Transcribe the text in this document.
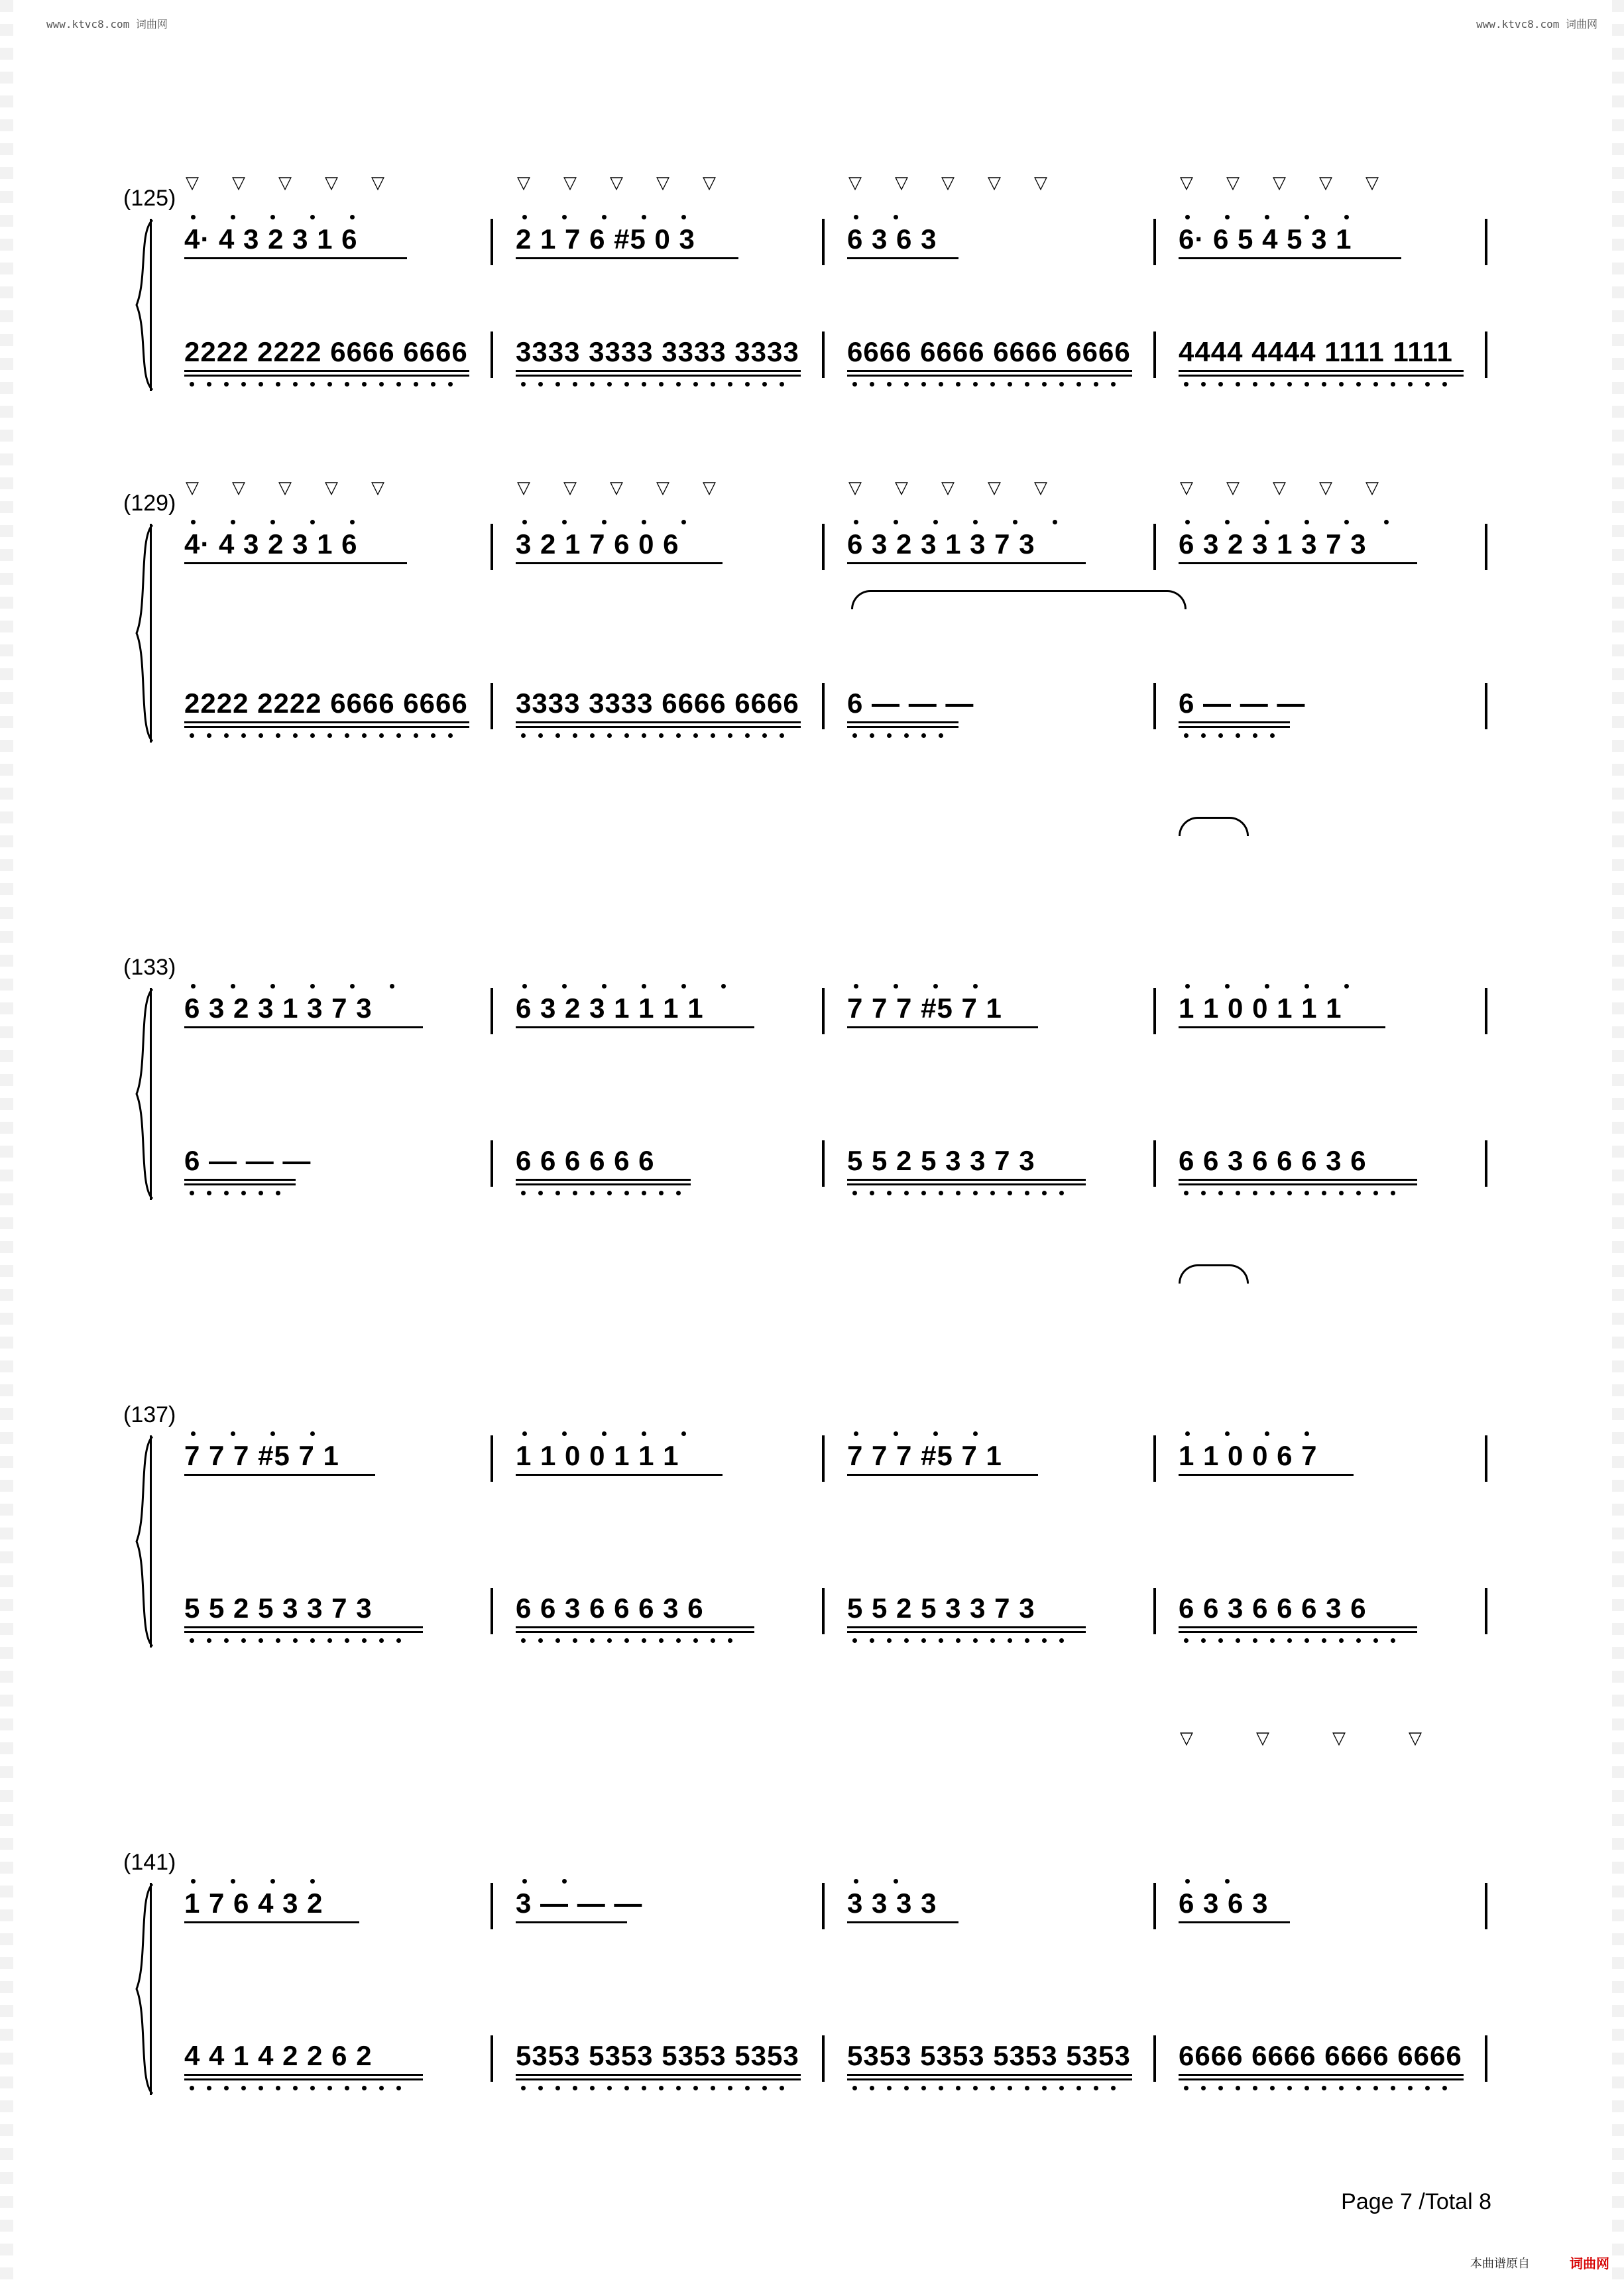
www.ktvc8.com 词曲网	www.ktvc8.com 词曲网
(125)
4· 4 3 2 3 1 6	2 1 7 6 #5 0 3	6 3 6 3	6· 6 5 4 5 3 1
2222 2222 6666 6666 3333 3333 3333 3333 6666 6666 6666 6666 4444 4444 1111 1111
▽ ▽ ▽ ▽ ▽	▽ ▽ ▽ ▽ ▽	▽ ▽ ▽ ▽ ▽	▽ ▽ ▽ ▽ ▽
(129)
4· 4 3 2 3 1 6	3 2 1 7 6 0 6	6 3 2 3 1 3 7 3	6 3 2 3 1 3 7 3
2222 2222 6666 6666 3333 3333 6666 6666 6 — — —	6 — — —
▽ ▽ ▽ ▽ ▽	▽ ▽ ▽ ▽ ▽	▽ ▽ ▽ ▽ ▽	▽ ▽ ▽ ▽ ▽
(133)
6 3 2 3 1 3 7 3	6 3 2 3 1 1 1 1	7 7 7 #5 7 1	1 1 0 0 1 1 1
6 — — —	6 6 6 6 6 6	5 5 2 5 3 3 7 3	6 6 3 6 6 6 3 6
(137)
7 7 7 #5 7 1	1 1 0 0 1 1 1	7 7 7 #5 7 1	1 1 0 0 6 7
5 5 2 5 3 3 7 3	6 6 3 6 6 6 3 6	5 5 2 5 3 3 7 3	6 6 3 6 6 6 3 6
(141)
1 7 6 4 3 2	3 — — —	3 3 3 3	6 3 6 3
4 4 1 4 2 2 6 2	5353 5353 5353 5353 5353 5353 5353 5353 6666 6666 6666 6666
▽	▽	▽	▽
Page 7 /Total 8
本曲谱原自	词曲网
